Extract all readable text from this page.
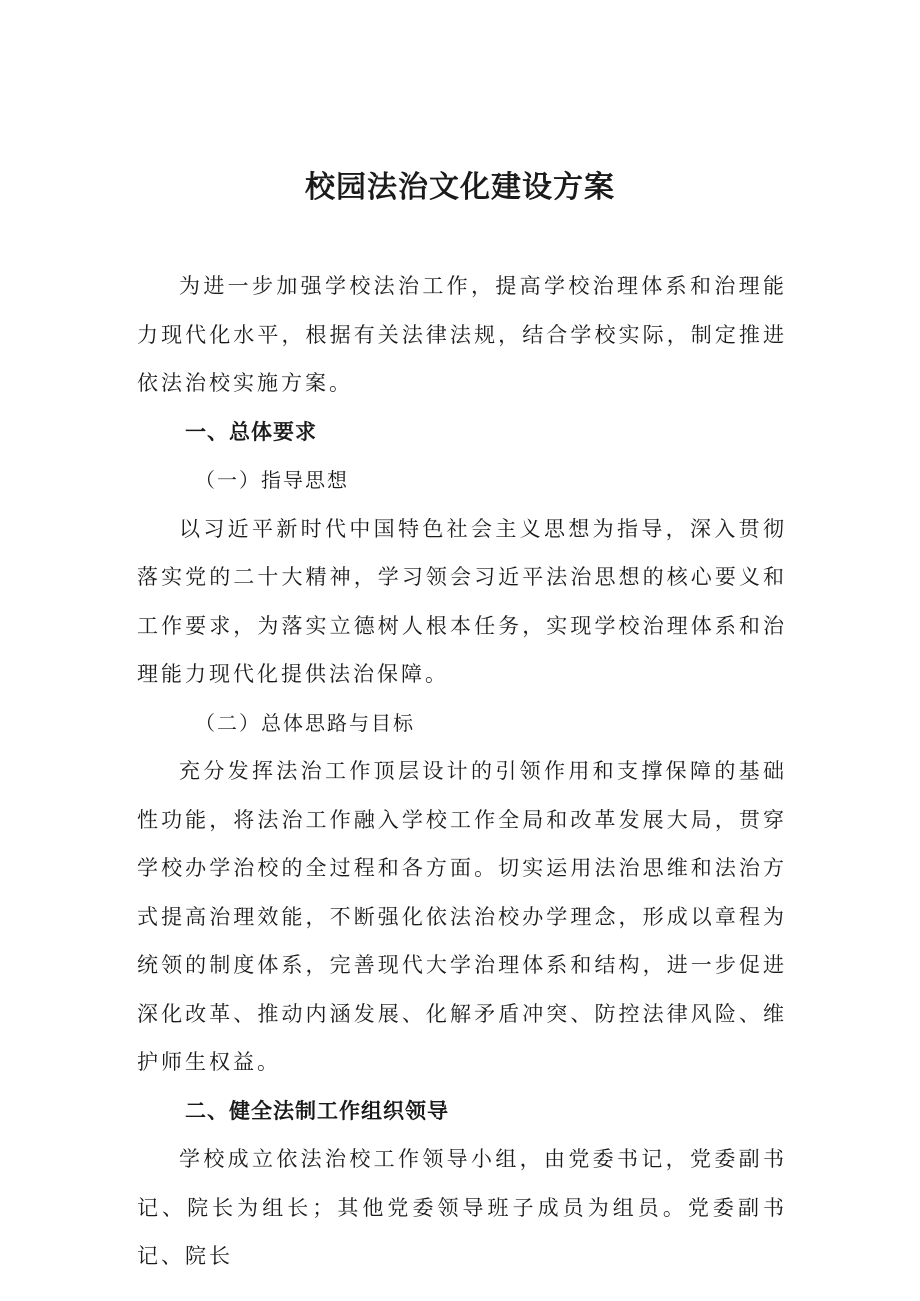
校园法治文化建设方案

为进一步加强学校法治工作，提高学校治理体系和治理能力现代化水平，根据有关法律法规，结合学校实际，制定推进依法治校实施方案。

一、总体要求

（一）指导思想

以习近平新时代中国特色社会主义思想为指导，深入贯彻落实党的二十大精神，学习领会习近平法治思想的核心要义和工作要求，为落实立德树人根本任务，实现学校治理体系和治理能力现代化提供法治保障。

（二）总体思路与目标

充分发挥法治工作顶层设计的引领作用和支撑保障的基础性功能，将法治工作融入学校工作全局和改革发展大局，贯穿学校办学治校的全过程和各方面。切实运用法治思维和法治方式提高治理效能，不断强化依法治校办学理念，形成以章程为统领的制度体系，完善现代大学治理体系和结构，进一步促进深化改革、推动内涵发展、化解矛盾冲突、防控法律风险、维护师生权益。

二、健全法制工作组织领导

学校成立依法治校工作领导小组，由党委书记，党委副书记、院长为组长；其他党委领导班子成员为组员。党委副书记、院长
